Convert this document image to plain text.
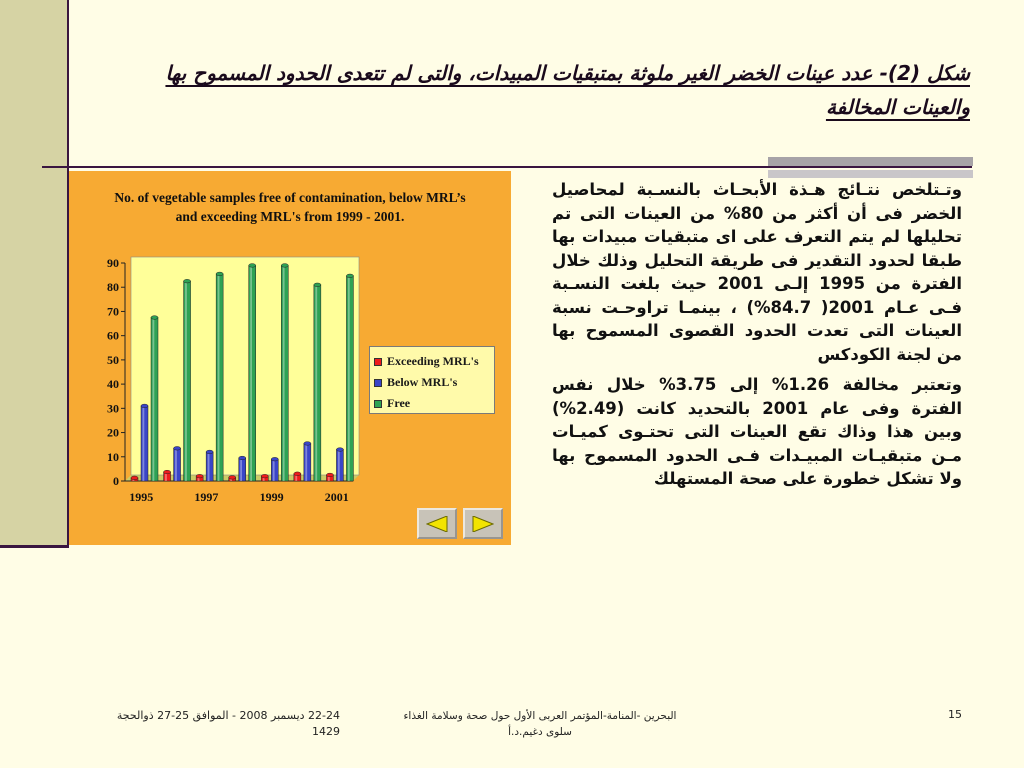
شكل (2)- عدد عينات الخضر الغير ملوثة بمتبقيات المبيدات، والتى لم تتعدى الحدود المسموح بها والعينات المخالفة
0
10
20
30
40
50
60
70
80
90
1995	1997	1999	2001
No. of vegetable samples free of contamination, below MRL’s and exceeding MRL's from 1999 - 2001.
Exceeding MRL's
Below MRL's
Free

وتـتلخص نتـائج هـذة الأبحـاث بالنسـبة لمحاصيل الخضر فى أن أكثر من 80% من العينات التى تم تحليلها لم يتم التعرف على اى متبقيات مبيدات بها طبقا لحدود التقدير فى طريقة التحليل وذلك خلال الفترة من 1995 إلـى 2001 حيث بلغت النسـبة فـى عـام 2001( 84.7%) ، بينمـا تراوحـت نسبة العينات التى تعدت الحدود القصوى المسموح بها من لجنة الكودكس

وتعتبر مخالفة 1.26% إلى 3.75% خلال نفس الفترة وفى عام 2001 بالتحديد كانت (2.49%) وبين هذا وذاك تقع العينات التى تحتـوى كميـات مـن متبقيـات المبيـدات فـى الحدود المسموح بها ولا تشكل خطورة على صحة المستهلك

22-24 ديسمبر 2008 - الموافق 25-27 ذوالحجة 1429
البحرين -المنامة-المؤتمر العربى الأول حول صحة وسلامة الغذاء
سلوى دغيم.د.أ
15
